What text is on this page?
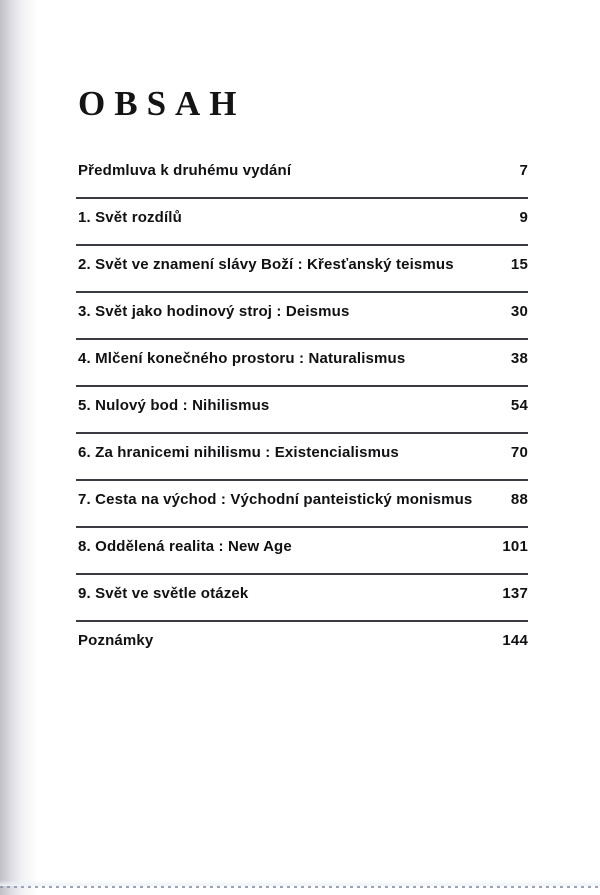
OBSAH
Předmluva k druhému vydání	7
1. Svět rozdílů	9
2. Svět ve znamení slávy Boží : Křesťanský teismus	15
3. Svět jako hodinový stroj : Deismus	30
4. Mlčení konečného prostoru : Naturalismus	38
5. Nulový bod : Nihilismus	54
6. Za hranicemi nihilismu : Existencialismus	70
7. Cesta na východ : Východní panteistický monismus	88
8. Oddělená realita : New Age	101
9. Svět ve světle otázek	137
Poznámky	144
